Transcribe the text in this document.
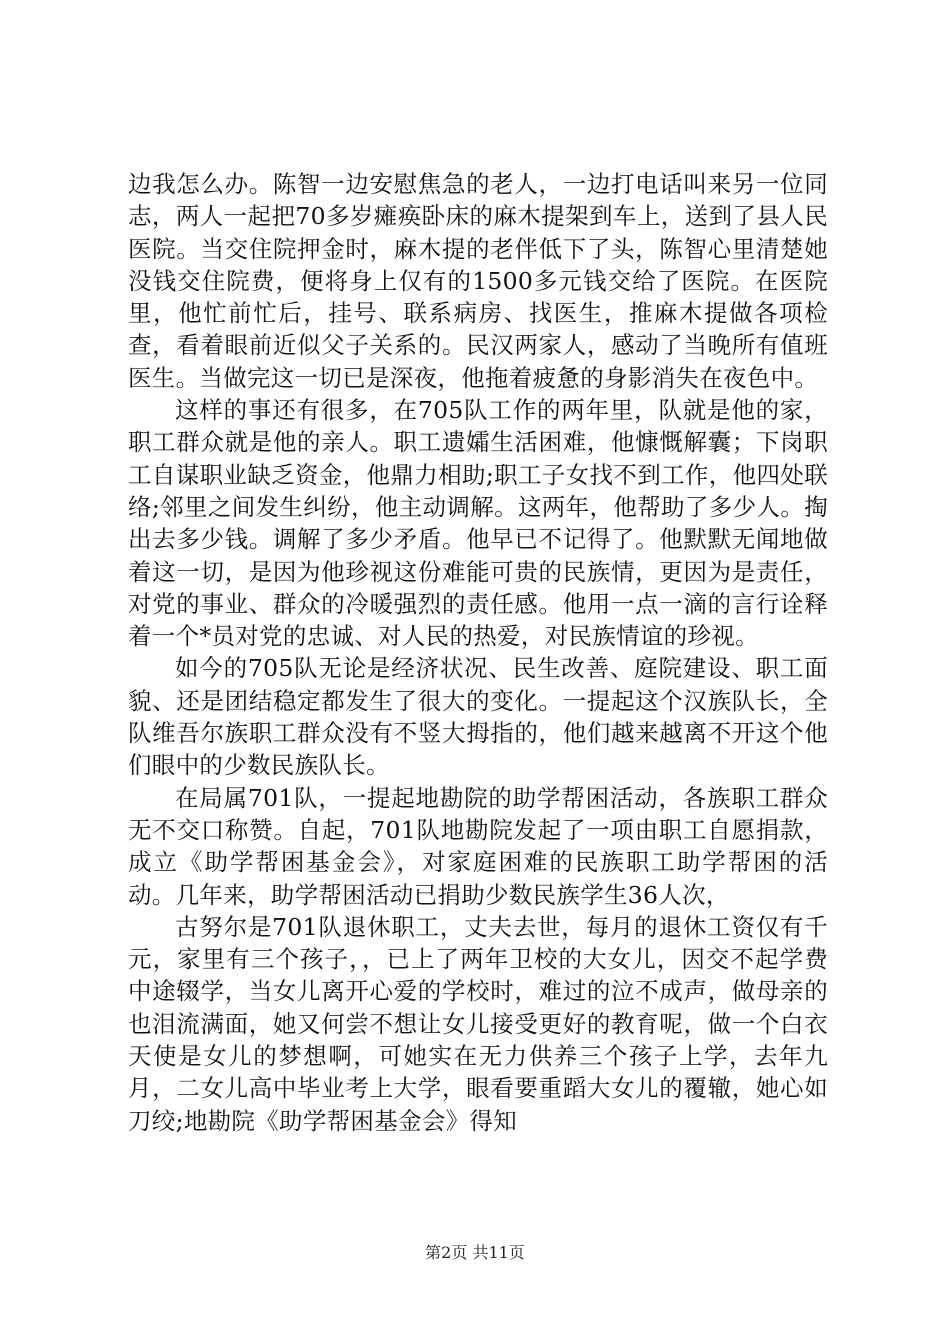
边我怎么办。陈智一边安慰焦急的老人，一边打电话叫来另一位同志，两人一起把70多岁瘫痪卧床的麻木提架到车上，送到了县人民医院。当交住院押金时，麻木提的老伴低下了头，陈智心里清楚她没钱交住院费，便将身上仅有的1500多元钱交给了医院。在医院里，他忙前忙后，挂号、联系病房、找医生，推麻木提做各项检查，看着眼前近似父子关系的。民汉两家人，感动了当晚所有值班医生。当做完这一切已是深夜，他拖着疲惫的身影消失在夜色中。

这样的事还有很多，在705队工作的两年里，队就是他的家，职工群众就是他的亲人。职工遗孀生活困难，他慷慨解囊；下岗职工自谋职业缺乏资金，他鼎力相助;职工子女找不到工作，他四处联络;邻里之间发生纠纷，他主动调解。这两年，他帮助了多少人。掏出去多少钱。调解了多少矛盾。他早已不记得了。他默默无闻地做着这一切，是因为他珍视这份难能可贵的民族情，更因为是责任，对党的事业、群众的冷暖强烈的责任感。他用一点一滴的言行诠释着一个*员对党的忠诚、对人民的热爱，对民族情谊的珍视。

如今的705队无论是经济状况、民生改善、庭院建设、职工面貌、还是团结稳定都发生了很大的变化。一提起这个汉族队长，全队维吾尔族职工群众没有不竖大拇指的，他们越来越离不开这个他们眼中的少数民族队长。

在局属701队，一提起地勘院的助学帮困活动，各族职工群众无不交口称赞。自起，701队地勘院发起了一项由职工自愿捐款，成立《助学帮困基金会》，对家庭困难的民族职工助学帮困的活动。几年来，助学帮困活动已捐助少数民族学生36人次，

古努尔是701队退休职工，丈夫去世，每月的退休工资仅有千元，家里有三个孩子，，已上了两年卫校的大女儿，因交不起学费中途辍学，当女儿离开心爱的学校时，难过的泣不成声，做母亲的也泪流满面，她又何尝不想让女儿接受更好的教育呢，做一个白衣天使是女儿的梦想啊，可她实在无力供养三个孩子上学，去年九月，二女儿高中毕业考上大学，眼看要重蹈大女儿的覆辙，她心如刀绞;地勘院《助学帮困基金会》得知

第2页 共11页
